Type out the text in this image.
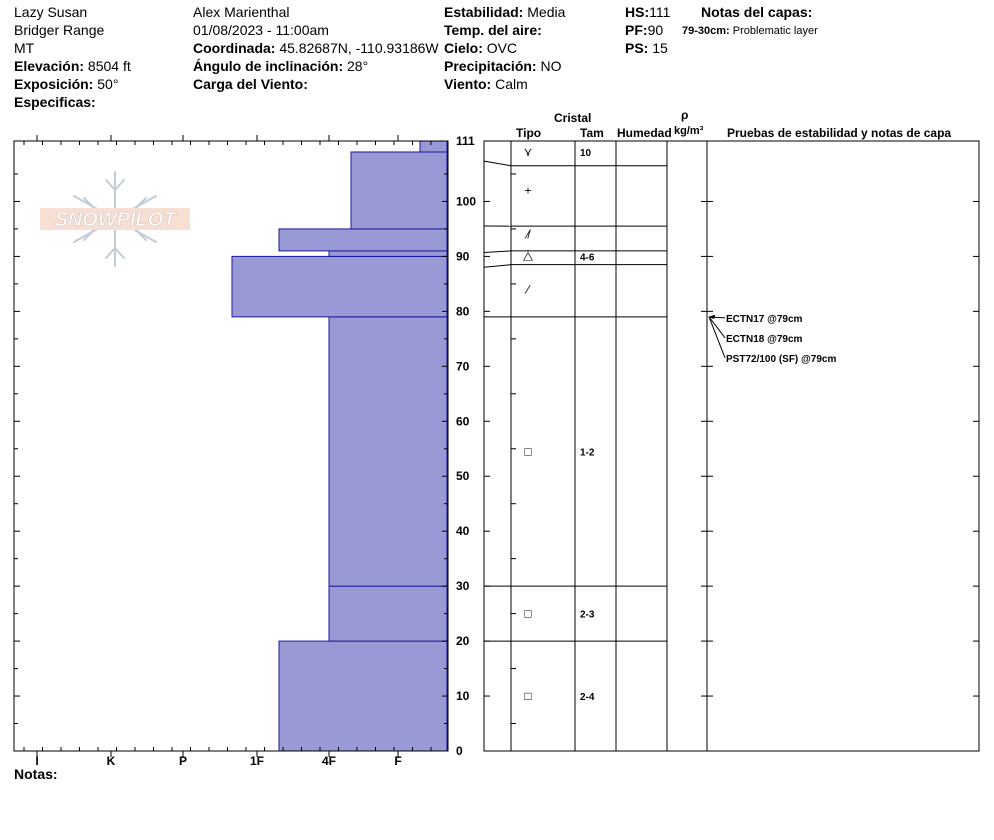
Lazy Susan
Bridger Range
MT
Elevación: 8504 ft
Exposición: 50°
Especificas:
Alex Marienthal
01/08/2023 - 11:00am
Coordinada: 45.82687N, -110.93186W
Ángulo de inclinación: 28°
Carga del Viento:
Estabilidad: Media
Temp. del aire:
Cielo: OVC
Precipitación: NO
Viento: Calm
HS:111
PF:90
PS: 15
Notas del capas:
79-30cm: Problematic layer
Cristal
Tipo	Tam Humedad
ρ
kg/m³ Pruebas de estabilidad y notas de capa
SNOWPILOT
I	K	P	1F	4F	F
0
10
20
30
40
50
60
70
80
90
100
111
⋎	10
+
⁄̸
⧊	4-6
∕
□	1-2
□	2-3
□	2-4
ECTN17 @79cm
ECTN18 @79cm
PST72/100 (SF) @79cm
Notas:
